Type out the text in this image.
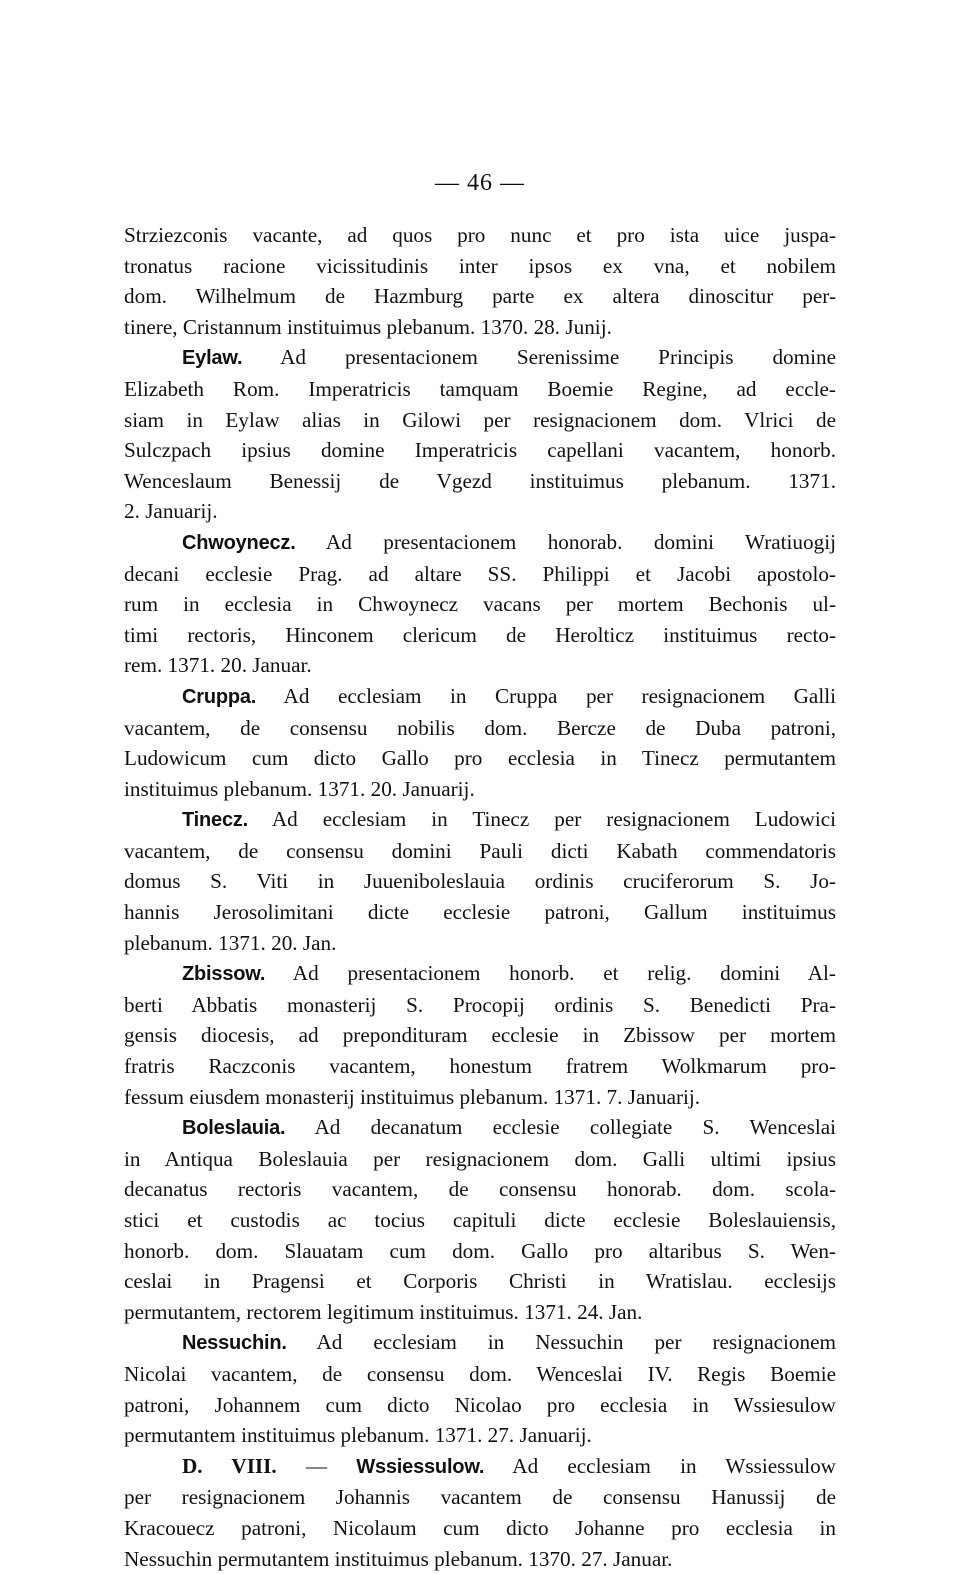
— 46 —
Strziezconis vacante, ad quos pro nunc et pro ista uice juspa-
tronatus racione vicissitudinis inter ipsos ex vna, et nobilem
dom. Wilhelmum de Hazmburg parte ex altera dinoscitur per-
tinere, Cristannum instituimus plebanum. 1370. 28. Junij.
Eylaw. Ad presentacionem Serenissime Principis domine
Elizabeth Rom. Imperatricis tamquam Boemie Regine, ad eccle-
siam in Eylaw alias in Gilowi per resignacionem dom. Vlrici de
Sulczpach ipsius domine Imperatricis capellani vacantem, honorb.
Wenceslaum Benessij de Vgezd instituimus plebanum. 1371.
2. Januarij.
Chwoynecz. Ad presentacionem honorab. domini Wratiuogij
decani ecclesie Prag. ad altare SS. Philippi et Jacobi apostolo-
rum in ecclesia in Chwoynecz vacans per mortem Bechonis ul-
timi rectoris, Hinconem clericum de Herolticz instituimus recto-
rem. 1371. 20. Januar.
Cruppa. Ad ecclesiam in Cruppa per resignacionem Galli
vacantem, de consensu nobilis dom. Bercze de Duba patroni,
Ludowicum cum dicto Gallo pro ecclesia in Tinecz permutantem
instituimus plebanum. 1371. 20. Januarij.
Tinecz. Ad ecclesiam in Tinecz per resignacionem Ludowici
vacantem, de consensu domini Pauli dicti Kabath commendatoris
domus S. Viti in Juueniboleslauia ordinis cruciferorum S. Jo-
hannis Jerosolimitani dicte ecclesie patroni, Gallum instituimus
plebanum. 1371. 20. Jan.
Zbissow. Ad presentacionem honorb. et relig. domini Al-
berti Abbatis monasterij S. Procopij ordinis S. Benedicti Pra-
gensis diocesis, ad prepondituram ecclesie in Zbissow per mortem
fratris Raczconis vacantem, honestum fratrem Wolkmarum pro-
fessum eiusdem monasterij instituimus plebanum. 1371. 7. Januarij.
Boleslauia. Ad decanatum ecclesie collegiate S. Wenceslai
in Antiqua Boleslauia per resignacionem dom. Galli ultimi ipsius
decanatus rectoris vacantem, de consensu honorab. dom. scola-
stici et custodis ac tocius capituli dicte ecclesie Boleslauiensis,
honorb. dom. Slauatam cum dom. Gallo pro altaribus S. Wen-
ceslai in Pragensi et Corporis Christi in Wratislau. ecclesijs
permutantem, rectorem legitimum instituimus. 1371. 24. Jan.
Nessuchin. Ad ecclesiam in Nessuchin per resignacionem
Nicolai vacantem, de consensu dom. Wenceslai IV. Regis Boemie
patroni, Johannem cum dicto Nicolao pro ecclesia in Wssiesulow
permutantem instituimus plebanum. 1371. 27. Januarij.
D. VIII. — Wssiessulow. Ad ecclesiam in Wssiessulow
per resignacionem Johannis vacantem de consensu Hanussij de
Kracouecz patroni, Nicolaum cum dicto Johanne pro ecclesia in
Nessuchin permutantem instituimus plebanum. 1370. 27. Januar.
